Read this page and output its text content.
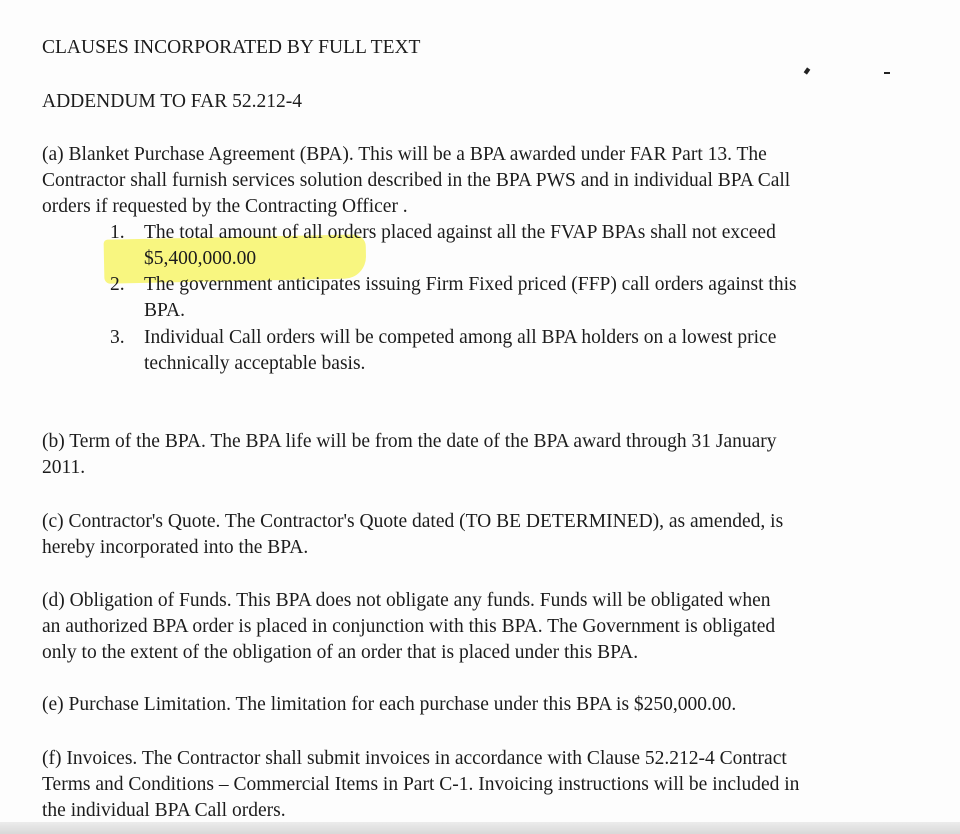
CLAUSES INCORPORATED BY FULL TEXT
ADDENDUM TO FAR 52.212-4
(a) Blanket Purchase Agreement (BPA). This will be a BPA awarded under FAR Part 13. The
Contractor shall furnish services solution described in the BPA PWS and in individual BPA Call
orders if requested by the Contracting Officer .
1. The total amount of all orders placed against all the FVAP BPAs shall not exceed
$5,400,000.00
2. The government anticipates issuing Firm Fixed priced (FFP) call orders against this
BPA.
3. Individual Call orders will be competed among all BPA holders on a lowest price
technically acceptable basis.
(b) Term of the BPA. The BPA life will be from the date of the BPA award through 31 January
2011.
(c) Contractor's Quote. The Contractor's Quote dated (TO BE DETERMINED), as amended, is
hereby incorporated into the BPA.
(d) Obligation of Funds. This BPA does not obligate any funds. Funds will be obligated when
an authorized BPA order is placed in conjunction with this BPA. The Government is obligated
only to the extent of the obligation of an order that is placed under this BPA.
(e) Purchase Limitation. The limitation for each purchase under this BPA is $250,000.00.
(f) Invoices. The Contractor shall submit invoices in accordance with Clause 52.212-4 Contract
Terms and Conditions – Commercial Items in Part C-1. Invoicing instructions will be included in
the individual BPA Call orders.
